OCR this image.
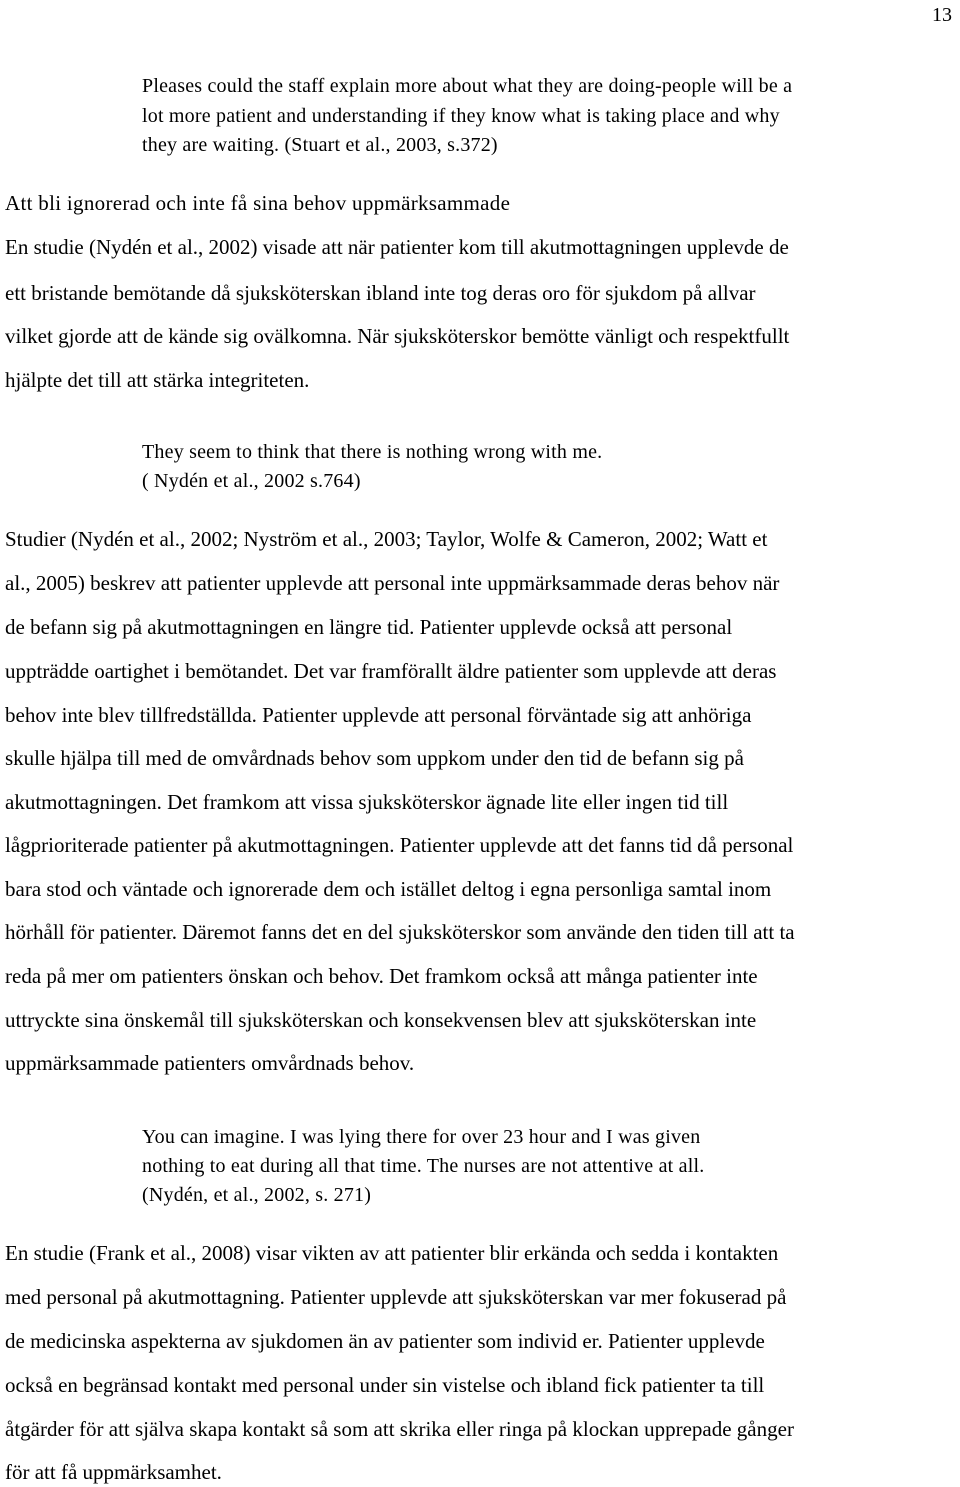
13
Pleases could the staff explain more about what they are doing-people will be a
lot more patient and understanding if they know what is taking place and why
they are waiting. (Stuart et al., 2003, s.372)
Att bli ignorerad och inte få sina behov uppmärksammade
En studie (Nydén et al., 2002) visade att när patienter kom till akutmottagningen upplevde de
ett bristande bemötande då sjuksköterskan ibland inte tog deras oro för sjukdom på allvar
vilket gjorde att de kände sig ovälkomna. När sjuksköterskor bemötte vänligt och respektfullt
hjälpte det till att stärka integriteten.
They seem to think that there is nothing wrong with me.
( Nydén et al., 2002 s.764)
Studier (Nydén et al., 2002; Nyström et al., 2003; Taylor, Wolfe & Cameron, 2002; Watt et
al., 2005) beskrev att patienter upplevde att personal inte uppmärksammade deras behov när
de befann sig på akutmottagningen en längre tid. Patienter upplevde också att personal
uppträdde oartighet i bemötandet. Det var framförallt äldre patienter som upplevde att deras
behov inte blev tillfredställda. Patienter upplevde att personal förväntade sig att anhöriga
skulle hjälpa till med de omvårdnads behov som uppkom under den tid de befann sig på
akutmottagningen. Det framkom att vissa sjuksköterskor ägnade lite eller ingen tid till
lågprioriterade patienter på akutmottagningen. Patienter upplevde att det fanns tid då personal
bara stod och väntade och ignorerade dem och istället deltog i egna personliga samtal inom
hörhåll för patienter. Däremot fanns det en del sjuksköterskor som använde den tiden till att ta
reda på mer om patienters önskan och behov. Det framkom också att många patienter inte
uttryckte sina önskemål till sjuksköterskan och konsekvensen blev att sjuksköterskan inte
uppmärksammade patienters omvårdnads behov.
You can imagine. I was lying there for over 23 hour and I was given
nothing to eat during all that time. The nurses are not attentive at all.
(Nydén, et al., 2002, s. 271)
En studie (Frank et al., 2008) visar vikten av att patienter blir erkända och sedda i kontakten
med personal på akutmottagning. Patienter upplevde att sjuksköterskan var mer fokuserad på
de medicinska aspekterna av sjukdomen än av patienter som individ er. Patienter upplevde
också en begränsad kontakt med personal under sin vistelse och ibland fick patienter ta till
åtgärder för att själva skapa kontakt så som att skrika eller ringa på klockan upprepade gånger
för att få uppmärksamhet.
